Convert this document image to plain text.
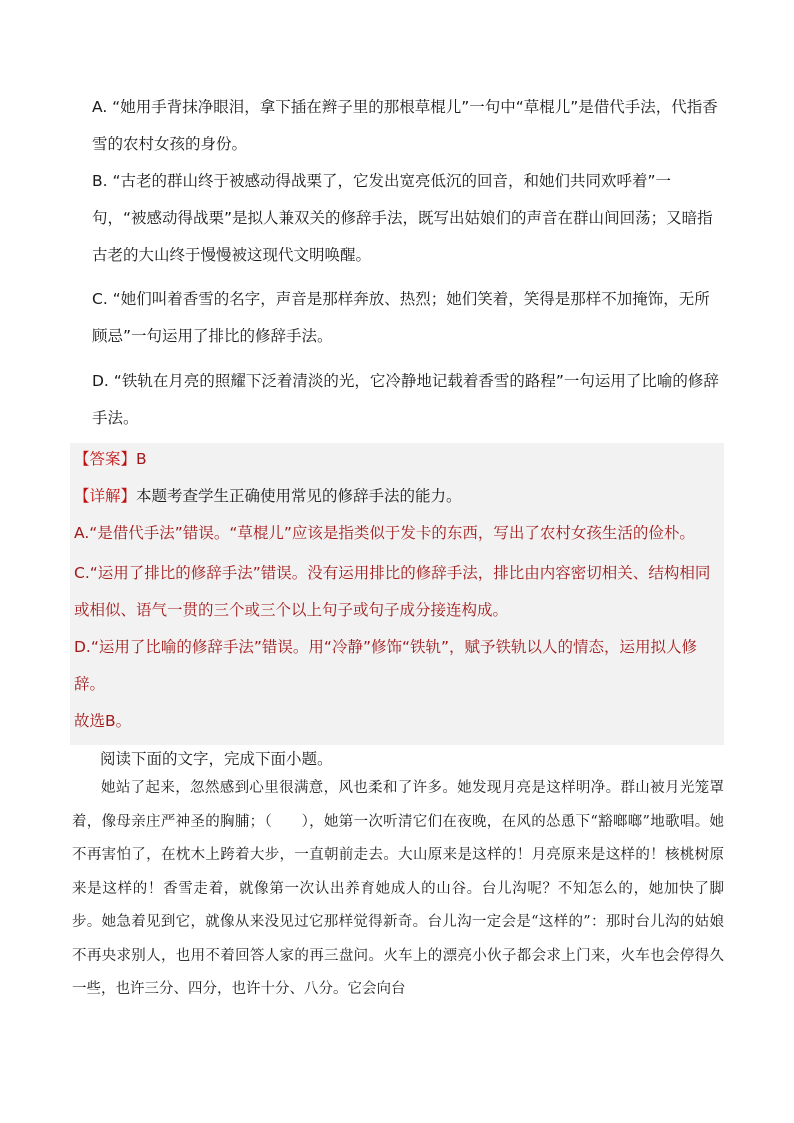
A. “她用手背抹净眼泪，拿下插在辫子里的那根草棍儿”一句中“草棍儿”是借代手法，代指香雪的农村女孩的身份。

B. “古老的群山终于被感动得战栗了，它发出宽亮低沉的回音，和她们共同欢呼着”一句，“被感动得战栗”是拟人兼双关的修辞手法，既写出姑娘们的声音在群山间回荡；又暗指古老的大山终于慢慢被这现代文明唤醒。

C. “她们叫着香雪的名字，声音是那样奔放、热烈；她们笑着，笑得是那样不加掩饰，无所顾忌”一句运用了排比的修辞手法。

D. “铁轨在月亮的照耀下泛着清淡的光，它冷静地记载着香雪的路程”一句运用了比喻的修辞手法。

【答案】B

【详解】本题考查学生正确使用常见的修辞手法的能力。

A.“是借代手法”错误。“草棍儿”应该是指类似于发卡的东西，写出了农村女孩生活的俭朴。

C.“运用了排比的修辞手法”错误。没有运用排比的修辞手法，排比由内容密切相关、结构相同或相似、语气一贯的三个或三个以上句子或句子成分接连构成。

D.“运用了比喻的修辞手法”错误。用“冷静”修饰“铁轨”，赋予铁轨以人的情态，运用拟人修辞。

故选B。

阅读下面的文字，完成下面小题。

她站了起来，忽然感到心里很满意，风也柔和了许多。她发现月亮是这样明净。群山被月光笼罩着，像母亲庄严神圣的胸脯；（　　），她第一次听清它们在夜晚，在风的怂恿下“豁啷啷”地歌唱。她不再害怕了，在枕木上跨着大步，一直朝前走去。大山原来是这样的！月亮原来是这样的！核桃树原来是这样的！香雪走着，就像第一次认出养育她成人的山谷。台儿沟呢？不知怎么的，她加快了脚步。她急着见到它，就像从来没见过它那样觉得新奇。台儿沟一定会是“这样的”：那时台儿沟的姑娘不再央求别人，也用不着回答人家的再三盘问。火车上的漂亮小伙子都会求上门来，火车也会停得久一些，也许三分、四分，也许十分、八分。它会向台
